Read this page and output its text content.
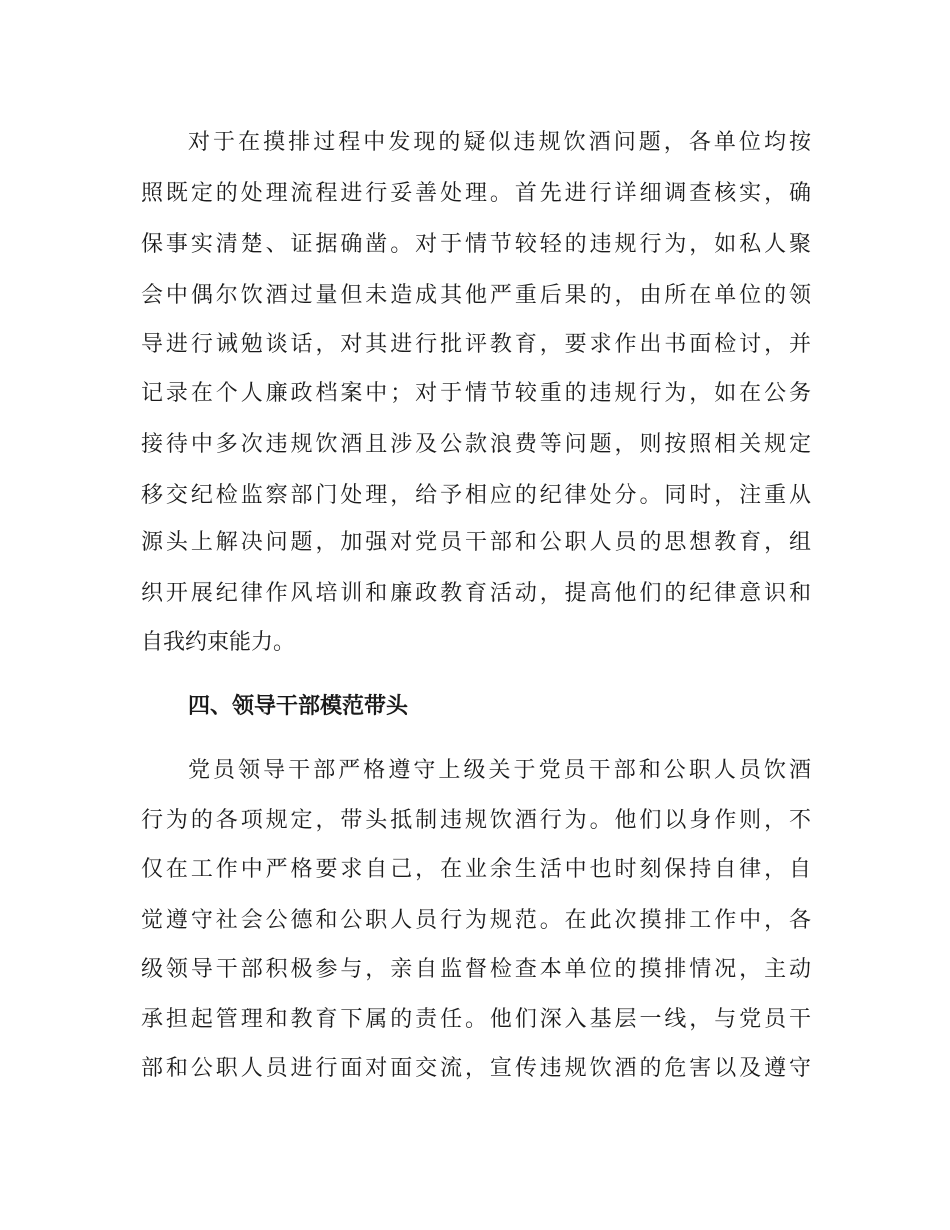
对于在摸排过程中发现的疑似违规饮酒问题，各单位均按

照既定的处理流程进行妥善处理。首先进行详细调查核实，确

保事实清楚、证据确凿。对于情节较轻的违规行为，如私人聚

会中偶尔饮酒过量但未造成其他严重后果的，由所在单位的领

导进行诫勉谈话，对其进行批评教育，要求作出书面检讨，并

记录在个人廉政档案中；对于情节较重的违规行为，如在公务

接待中多次违规饮酒且涉及公款浪费等问题，则按照相关规定

移交纪检监察部门处理，给予相应的纪律处分。同时，注重从

源头上解决问题，加强对党员干部和公职人员的思想教育，组

织开展纪律作风培训和廉政教育活动，提高他们的纪律意识和

自我约束能力。

四、领导干部模范带头

党员领导干部严格遵守上级关于党员干部和公职人员饮酒

行为的各项规定，带头抵制违规饮酒行为。他们以身作则，不

仅在工作中严格要求自己，在业余生活中也时刻保持自律，自

觉遵守社会公德和公职人员行为规范。在此次摸排工作中，各

级领导干部积极参与，亲自监督检查本单位的摸排情况，主动

承担起管理和教育下属的责任。他们深入基层一线，与党员干

部和公职人员进行面对面交流，宣传违规饮酒的危害以及遵守
